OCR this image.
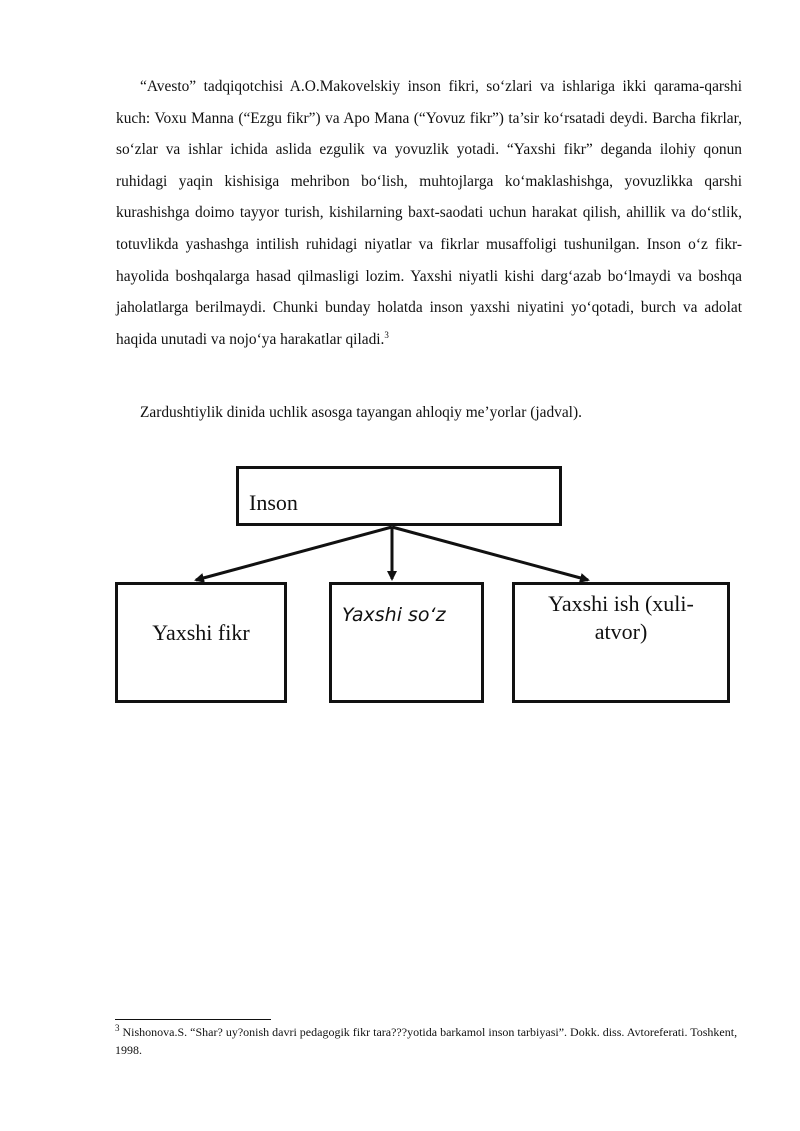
“Avesto” tadqiqotchisi A.O.Makovelskiy inson fikri, so‘zlari va ishlariga ikki qarama-qarshi kuch: Voxu Manna (“Ezgu fikr”) va Apo Mana (“Yovuz fikr”) ta’sir ko‘rsatadi deydi. Barcha fikrlar, so‘zlar va ishlar ichida aslida ezgulik va yovuzlik yotadi. “Yaxshi fikr” deganda ilohiy qonun ruhidagi yaqin kishisiga mehribon bo‘lish, muhtojlarga ko‘maklashishga, yovuzlikka qarshi kurashishga doimo tayyor turish, kishilarning baxt-saodati uchun harakat qilish, ahillik va do‘stlik, totuvlikda yashashga intilish ruhidagi niyatlar va fikrlar musaffoligi tushunilgan. Inson o‘z fikr-hayolida boshqalarga hasad qilmasligi lozim. Yaxshi niyatli kishi darg‘azab bo‘lmaydi va boshqa jaholatlarga berilmaydi. Chunki bunday holatda inson yaxshi niyatini yo‘qotadi, burch va adolat haqida unutadi va nojo‘ya harakatlar qiladi.$^3$

Zardushtiylik dinida uchlik asosga tayangan ahloqiy me’yorlar (jadval).

Inson
Yaxshi fikr
Yaxshi so‘z	Yaxshi ish (xuli-atvor)

$^3$ Nishonova.S. “Shar? uy?onish davri pedagogik fikr tara???yotida barkamol inson tarbiyasi”. Dokk. diss. Avtoreferati. Toshkent, 1998.
